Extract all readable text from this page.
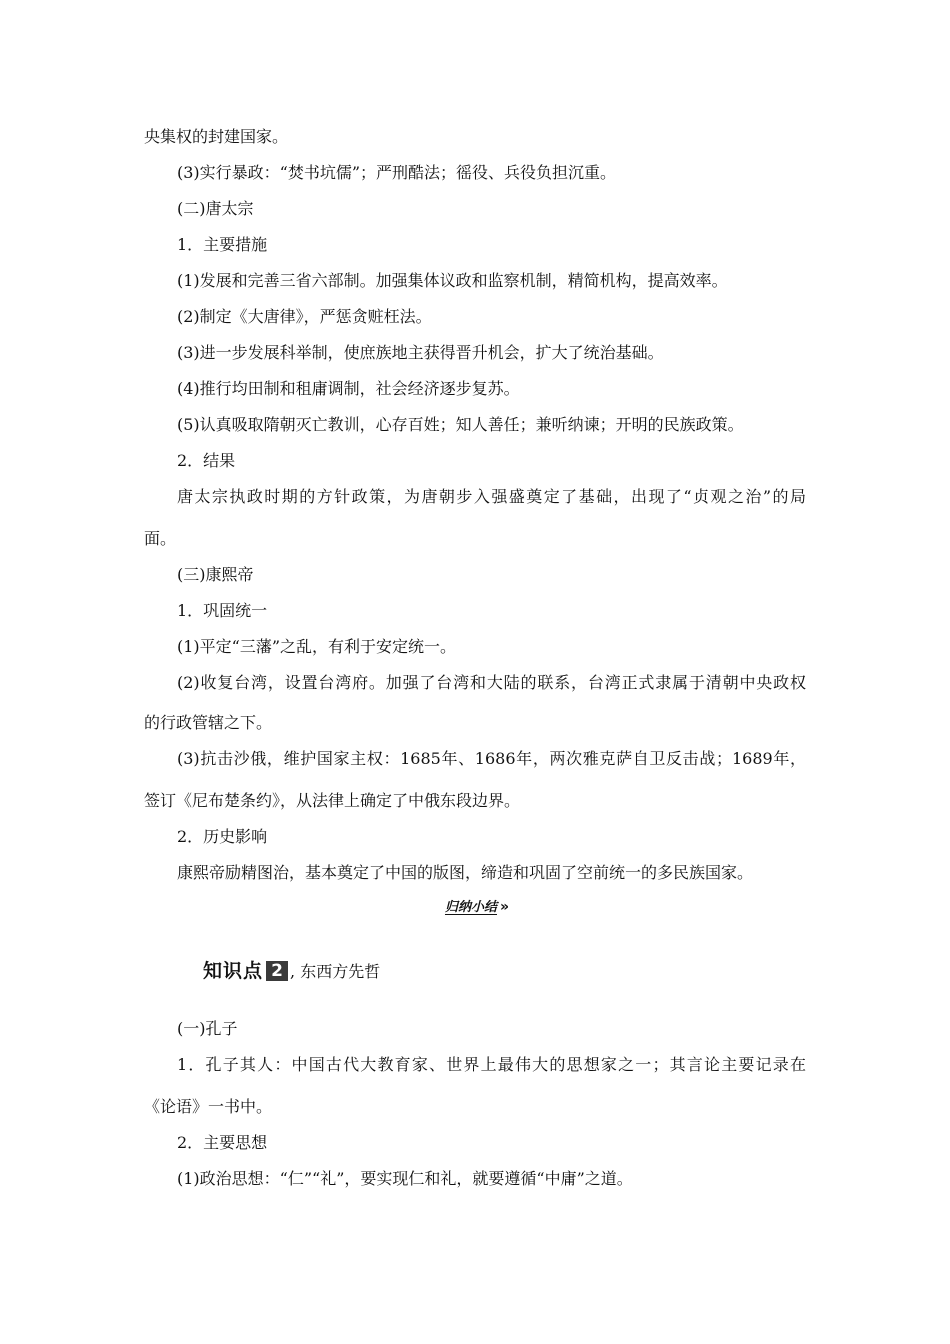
央集权的封建国家。
(3)实行暴政：“焚书坑儒”；严刑酷法；徭役、兵役负担沉重。
(二)唐太宗
1．主要措施
(1)发展和完善三省六部制。加强集体议政和监察机制，精简机构，提高效率。
(2)制定《大唐律》，严惩贪赃枉法。
(3)进一步发展科举制，使庶族地主获得晋升机会，扩大了统治基础。
(4)推行均田制和租庸调制，社会经济逐步复苏。
(5)认真吸取隋朝灭亡教训，心存百姓；知人善任；兼听纳谏；开明的民族政策。
2．结果
唐太宗执政时期的方针政策，为唐朝步入强盛奠定了基础，出现了“贞观之治”的局
面。
(三)康熙帝
1．巩固统一
(1)平定“三藩”之乱，有利于安定统一。
(2)收复台湾，设置台湾府。加强了台湾和大陆的联系，台湾正式隶属于清朝中央政权
的行政管辖之下。
(3)抗击沙俄，维护国家主权：1685年、1686年，两次雅克萨自卫反击战；1689年，
签订《尼布楚条约》，从法律上确定了中俄东段边界。
2．历史影响
康熙帝励精图治，基本奠定了中国的版图，缔造和巩固了空前统一的多民族国家。
归纳小结 »
知识点 2 , 东西方先哲
(一)孔子
1．孔子其人：中国古代大教育家、世界上最伟大的思想家之一；其言论主要记录在
《论语》一书中。
2．主要思想
(1)政治思想：“仁”“礼”，要实现仁和礼，就要遵循“中庸”之道。
